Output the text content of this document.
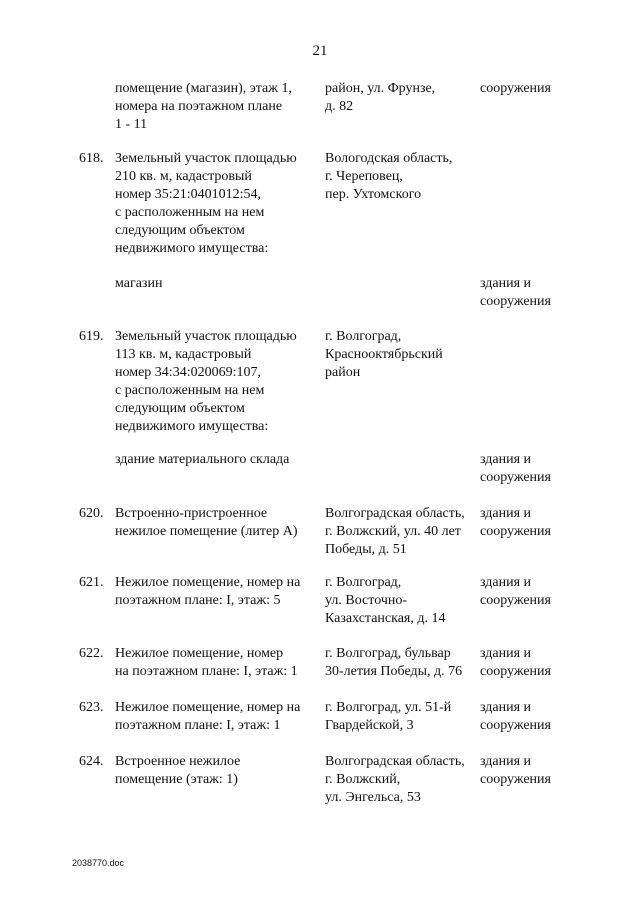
21
помещение (магазин), этаж 1,
номера на поэтажном плане
1 - 11
район, ул. Фрунзе,
д. 82
сооружения
618. Земельный участок площадью
210 кв. м, кадастровый
номер 35:21:0401012:54,
с расположенным на нем
следующим объектом
недвижимого имущества:
Вологодская область,
г. Череповец,
пер. Ухтомского
магазин	здания и
сооружения
619. Земельный участок площадью
113 кв. м, кадастровый
номер 34:34:020069:107,
с расположенным на нем
следующим объектом
недвижимого имущества:
г. Волгоград,
Краснооктябрьский
район
здание материального склада	здания и
сооружения
620. Встроенно-пристроенное
нежилое помещение (литер А)
Волгоградская область,
г. Волжский, ул. 40 лет
Победы, д. 51
здания и
сооружения
621. Нежилое помещение, номер на
поэтажном плане: I, этаж: 5
г. Волгоград,
ул. Восточно-
Казахстанская, д. 14
здания и
сооружения
622. Нежилое помещение, номер
на поэтажном плане: I, этаж: 1
г. Волгоград, бульвар
30-летия Победы, д. 76
здания и
сооружения
623. Нежилое помещение, номер на
поэтажном плане: I, этаж: 1
г. Волгоград, ул. 51-й
Гвардейской, 3
здания и
сооружения
624. Встроенное нежилое
помещение (этаж: 1)
Волгоградская область,
г. Волжский,
ул. Энгельса, 53
здания и
сооружения
2038770.doc
